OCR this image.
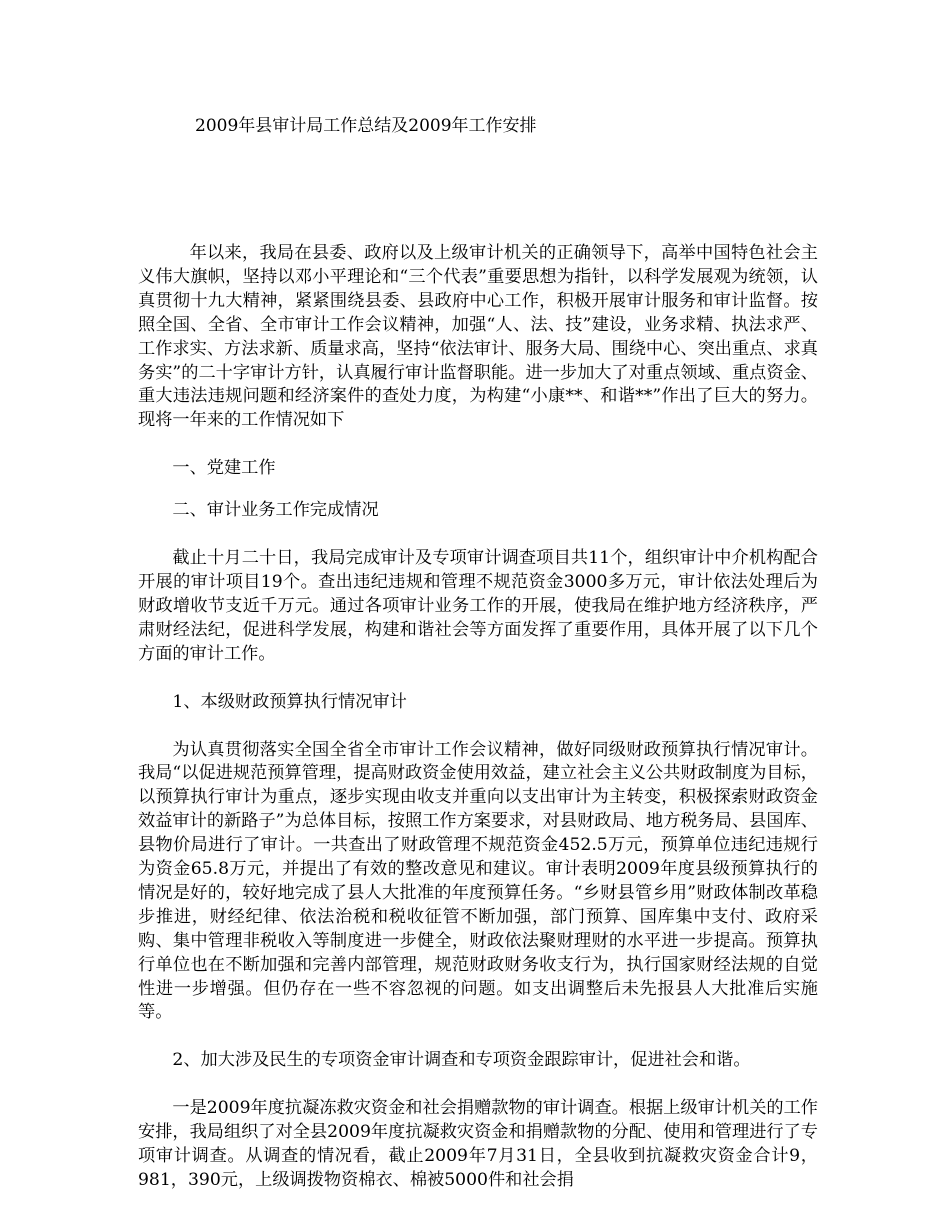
2009年县审计局工作总结及2009年工作安排

年以来，我局在县委、政府以及上级审计机关的正确领导下，高举中国特色社会主义伟大旗帜，坚持以邓小平理论和“三个代表”重要思想为指针，以科学发展观为统领，认真贯彻十九大精神，紧紧围绕县委、县政府中心工作，积极开展审计服务和审计监督。按照全国、全省、全市审计工作会议精神，加强“人、法、技”建设，业务求精、执法求严、工作求实、方法求新、质量求高，坚持“依法审计、服务大局、围绕中心、突出重点、求真务实”的二十字审计方针，认真履行审计监督职能。进一步加大了对重点领域、重点资金、重大违法违规问题和经济案件的查处力度，为构建“小康**、和谐**”作出了巨大的努力。现将一年来的工作情况如下

一、党建工作

二、审计业务工作完成情况

截止十月二十日，我局完成审计及专项审计调查项目共11个，组织审计中介机构配合开展的审计项目19个。查出违纪违规和管理不规范资金3000多万元，审计依法处理后为财政增收节支近千万元。通过各项审计业务工作的开展，使我局在维护地方经济秩序，严肃财经法纪，促进科学发展，构建和谐社会等方面发挥了重要作用，具体开展了以下几个方面的审计工作。

1、本级财政预算执行情况审计

为认真贯彻落实全国全省全市审计工作会议精神，做好同级财政预算执行情况审计。我局“以促进规范预算管理，提高财政资金使用效益，建立社会主义公共财政制度为目标，以预算执行审计为重点，逐步实现由收支并重向以支出审计为主转变，积极探索财政资金效益审计的新路子”为总体目标，按照工作方案要求，对县财政局、地方税务局、县国库、县物价局进行了审计。一共查出了财政管理不规范资金452.5万元，预算单位违纪违规行为资金65.8万元，并提出了有效的整改意见和建议。审计表明2009年度县级预算执行的情况是好的，较好地完成了县人大批准的年度预算任务。“乡财县管乡用”财政体制改革稳步推进，财经纪律、依法治税和税收征管不断加强，部门预算、国库集中支付、政府采购、集中管理非税收入等制度进一步健全，财政依法聚财理财的水平进一步提高。预算执行单位也在不断加强和完善内部管理，规范财政财务收支行为，执行国家财经法规的自觉性进一步增强。但仍存在一些不容忽视的问题。如支出调整后未先报县人大批准后实施等。

2、加大涉及民生的专项资金审计调查和专项资金跟踪审计，促进社会和谐。

一是2009年度抗凝冻救灾资金和社会捐赠款物的审计调查。根据上级审计机关的工作安排，我局组织了对全县2009年度抗凝救灾资金和捐赠款物的分配、使用和管理进行了专项审计调查。从调查的情况看，截止2009年7月31日，全县收到抗凝救灾资金合计9，981，390元，上级调拨物资棉衣、棉被5000件和社会捐
